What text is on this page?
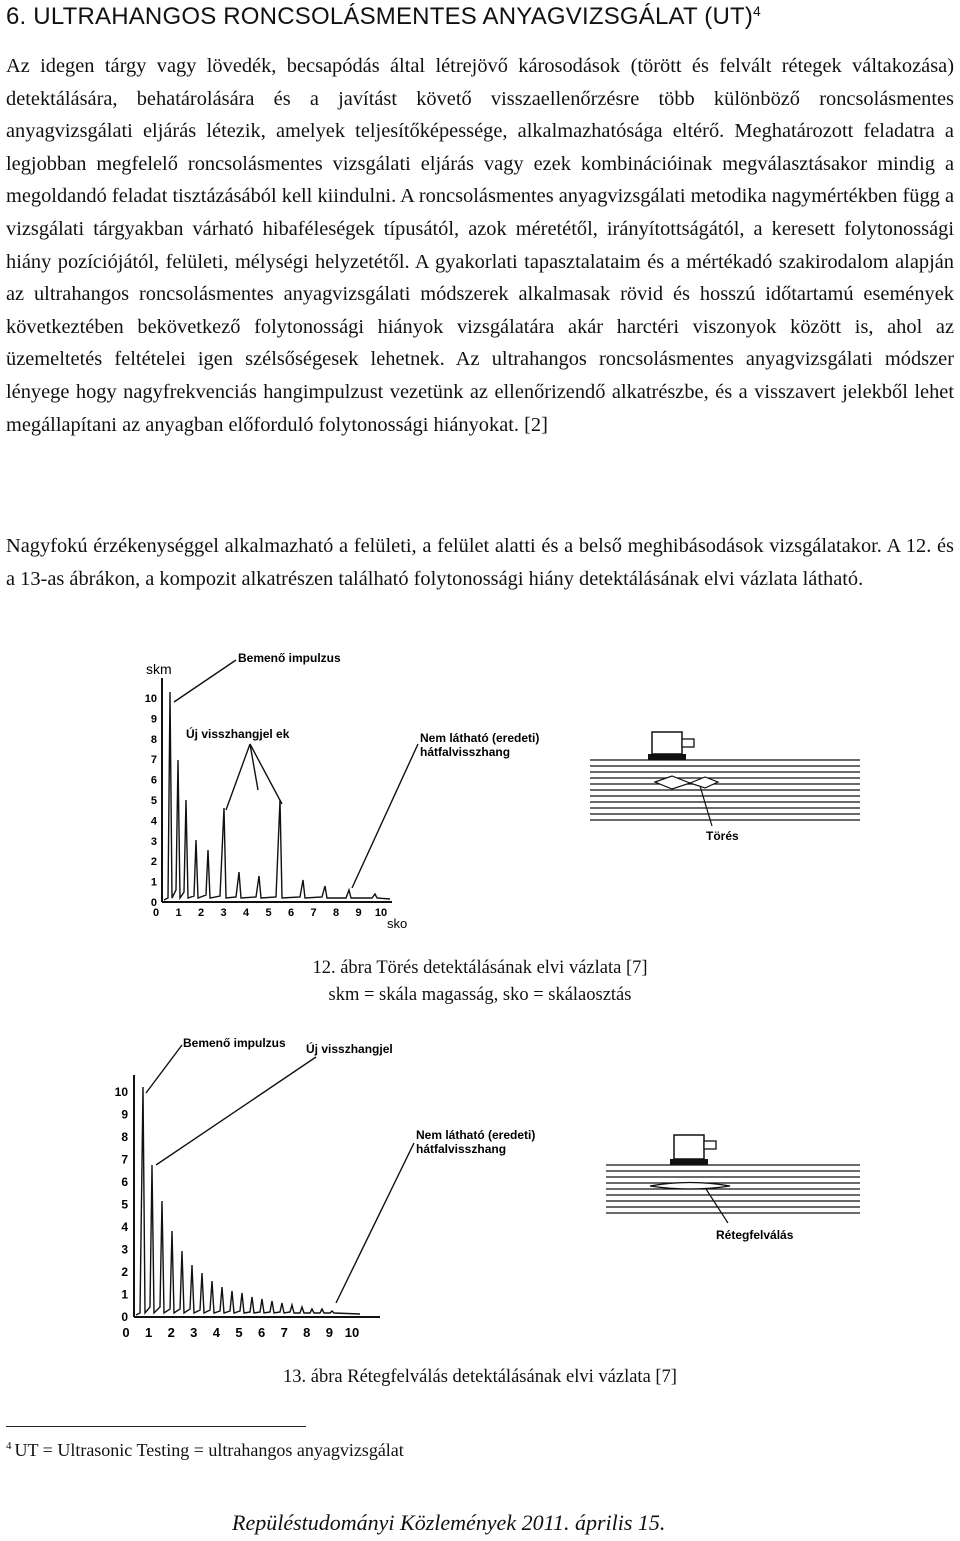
6. ULTRAHANGOS RONCSOLÁSMENTES ANYAGVIZSGÁLAT (UT)$^4$

Az idegen tárgy vagy lövedék, becsapódás által létrejövő károsodások (törött és felvált rétegek váltakozása) detektálására, behatárolására és a javítást követő visszaellenőrzésre több különböző roncsolásmentes anyagvizsgálati eljárás létezik, amelyek teljesítőképessége, alkalmazhatósága eltérő. Meghatározott feladatra a legjobban megfelelő roncsolásmentes vizsgálati eljárás vagy ezek kombinációinak megválasztásakor mindig a megoldandó feladat tisztázásából kell kiindulni. A roncsolásmentes anyagvizsgálati metodika nagymértékben függ a vizsgálati tárgyakban várható hibaféleségek típusától, azok méretétől, irányítottságától, a keresett folytonossági hiány pozíciójától, felületi, mélységi helyzetétől. A gyakorlati tapasztalataim és a mértékadó szakirodalom alapján az ultrahangos roncsolásmentes anyagvizsgálati módszerek alkalmasak rövid és hosszú időtartamú események következtében bekövetkező folytonossági hiányok vizsgálatára akár harctéri viszonyok között is, ahol az üzemeltetés feltételei igen szélsőségesek lehetnek. Az ultrahangos roncsolásmentes anyagvizsgálati módszer lényege hogy nagyfrekvenciás hangimpulzust vezetünk az ellenőrizendő alkatrészbe, és a visszavert jelekből lehet megállapítani az anyagban előforduló folytonossági hiányokat. [2]

Nagyfokú érzékenységgel alkalmazható a felületi, a felület alatti és a belső meghibásodások vizsgálatakor. A 12. és a 13-as ábrákon, a kompozit alkatrészen található folytonossági hiány detektálásának elvi vázlata látható.

skm
0
1
2
3
4
5
6
7
8
9
10
0 1 2 3 4 5 6 7 8 9 10
sko
Bemenő impulzus
Új visszhangjel ek	Nem látható (eredeti)
hátfalvisszhang
Törés
12. ábra Törés detektálásának elvi vázlata [7]
skm = skála magasság, sko = skálaosztás
0
1
2
3
4
5
6
7
8
9
10
0 1 2 3 4 5 6 7 8 9 10
Bemenő impulzus Új visszhangjel
Nem látható (eredeti)
hátfalvisszhang
Rétegfelválás
13. ábra Rétegfelválás detektálásának elvi vázlata [7]
$^4$ UT = Ultrasonic Testing = ultrahangos anyagvizsgálat
Repüléstudományi Közlemények 2011. április 15.
